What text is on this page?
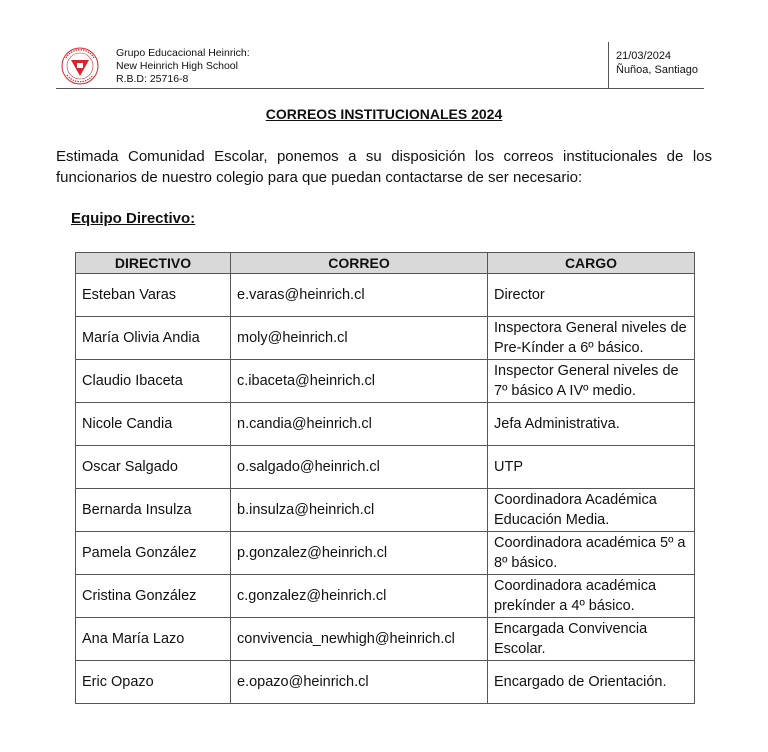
Grupo Educacional Heinrich:
New Heinrich High School
R.B.D: 25716-8
21/03/2024
Ñuñoa, Santiago
CORREOS INSTITUCIONALES 2024
Estimada Comunidad Escolar, ponemos a su disposición los correos institucionales de los funcionarios de nuestro colegio para que puedan contactarse de ser necesario:
Equipo Directivo:
DIRECTIVO	CORREO	CARGO
Esteban Varas	e.varas@heinrich.cl	Director
María Olivia Andia	moly@heinrich.cl	Inspectora General niveles de Pre-Kínder a 6º básico.
Claudio Ibaceta	c.ibaceta@heinrich.cl	Inspector General niveles de 7º básico A IVº medio.
Nicole Candia	n.candia@heinrich.cl	Jefa Administrativa.
Oscar Salgado	o.salgado@heinrich.cl	UTP
Bernarda Insulza	b.insulza@heinrich.cl	Coordinadora Académica Educación Media.
Pamela González	p.gonzalez@heinrich.cl	Coordinadora académica 5º a 8º básico.
Cristina González	c.gonzalez@heinrich.cl	Coordinadora académica prekínder a 4º básico.
Ana María Lazo	convivencia_newhigh@heinrich.cl	Encargada Convivencia Escolar.
Eric Opazo	e.opazo@heinrich.cl	Encargado de Orientación.
